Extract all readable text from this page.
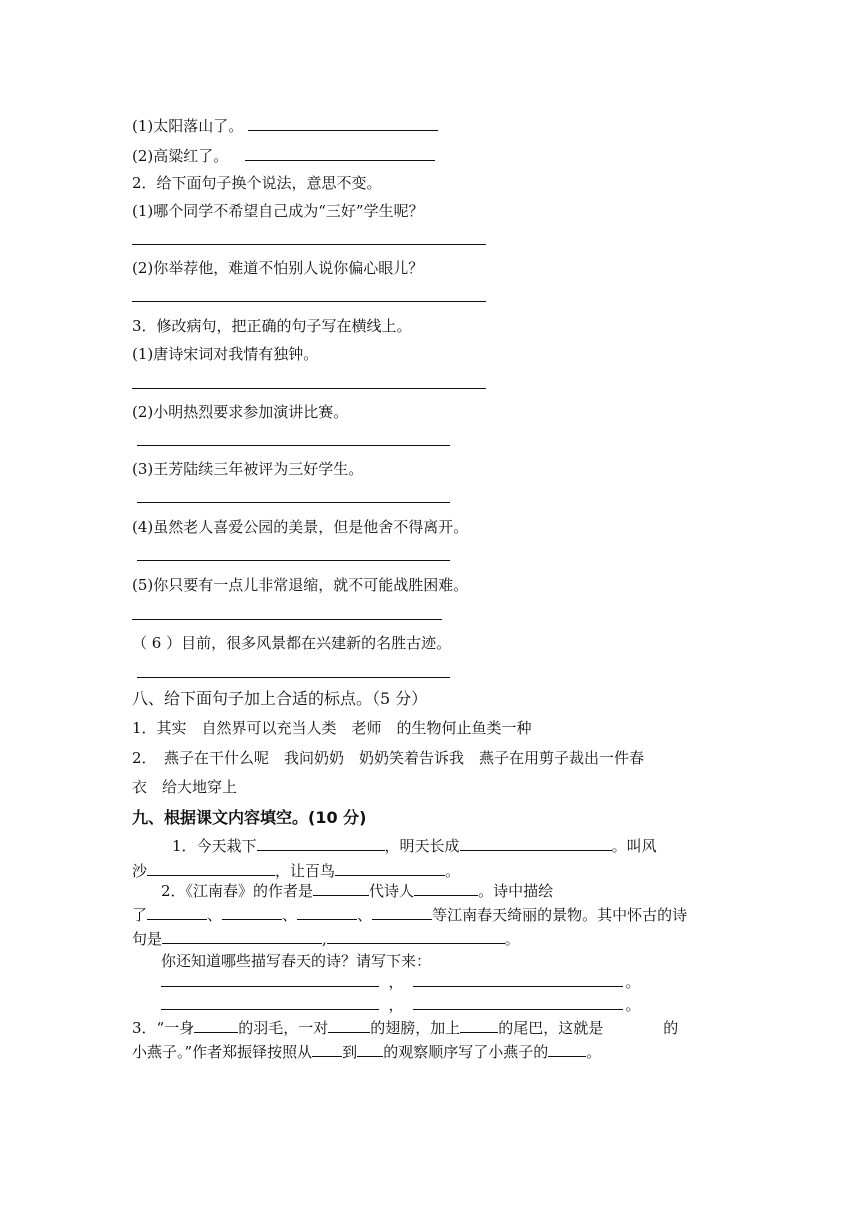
(1)太阳落山了。
(2)高粱红了。
2．给下面句子换个说法，意思不变。
(1)哪个同学不希望自己成为“三好”学生呢？
(2)你举荐他，难道不怕别人说你偏心眼儿？
3．修改病句，把正确的句子写在横线上。
(1)唐诗宋词对我情有独钟。
(2)小明热烈要求参加演讲比赛。
(3)王芳陆续三年被评为三好学生。
(4)虽然老人喜爱公园的美景，但是他舍不得离开。
(5)你只要有一点儿非常退缩，就不可能战胜困难。
（ 6 ）目前，很多风景都在兴建新的名胜古迹。
八、给下面句子加上合适的标点。（5 分）
1．其实　自然界可以充当人类　老师　的生物何止鱼类一种
2．　燕子在干什么呢　我问奶奶　奶奶笑着告诉我　燕子在用剪子裁出一件春
衣　给大地穿上
九、根据课文内容填空。(10 分)
1．今天栽下	，明天长成	。叫风
沙	，让百鸟	。
2．《江南春》的作者是	代诗人	。诗中描绘
了	、	、	、	等江南春天绮丽的景物。其中怀古的诗
句是	,	。
你还知道哪些描写春天的诗？请写下来：
，	。
，	。
3．“一身	的羽毛，一对	的翅膀，加上	的尾巴，这就是	的
小燕子。”作者郑振铎按照从 到 的观察顺序写了小燕子的	。
